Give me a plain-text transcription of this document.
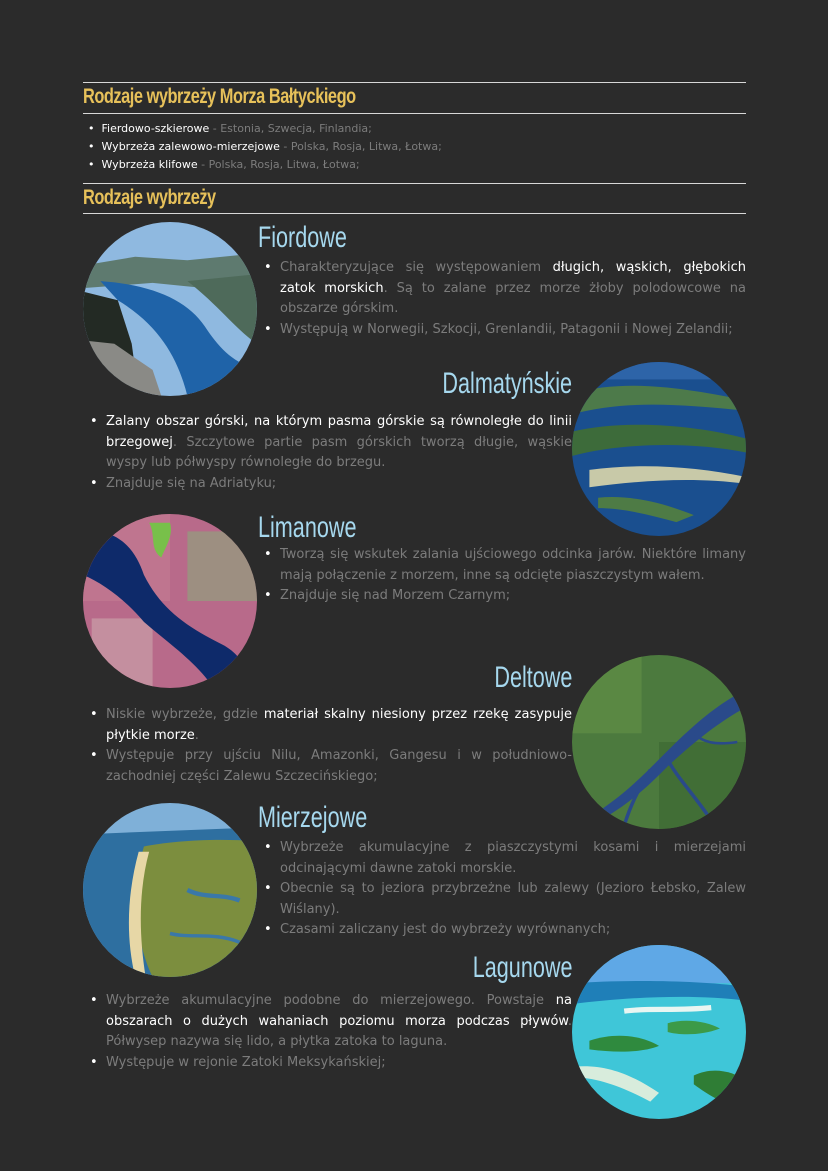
Rodzaje wybrzeży Morza Bałtyckiego
• Fierdowo-szkierowe - Estonia, Szwecja, Finlandia;
• Wybrzeża zalewowo-mierzejowe - Polska, Rosja, Litwa, Łotwa;
• Wybrzeża klifowe - Polska, Rosja, Litwa, Łotwa;
Rodzaje wybrzeży
Fiordowe
• Charakteryzujące się występowaniem długich, wąskich, głębokich zatok morskich. Są to zalane przez morze żłoby polodowcowe na obszarze górskim.
• Występują w Norwegii, Szkocji, Grenlandii, Patagonii i Nowej Zelandii;
Dalmatyńskie
• Zalany obszar górski, na którym pasma górskie są równoległe do linii brzegowej. Szczytowe partie pasm górskich tworzą długie, wąskie wyspy lub półwyspy równoległe do brzegu.
• Znajduje się na Adriatyku;
Limanowe
• Tworzą się wskutek zalania ujściowego odcinka jarów. Niektóre limany mają połączenie z morzem, inne są odcięte piaszczystym wałem.
• Znajduje się nad Morzem Czarnym;
Deltowe
• Niskie wybrzeże, gdzie materiał skalny niesiony przez rzekę zasypuje płytkie morze.
• Występuje przy ujściu Nilu, Amazonki, Gangesu i w południowo-zachodniej części Zalewu Szczecińskiego;
Mierzejowe
• Wybrzeże akumulacyjne z piaszczystymi kosami i mierzejami odcinającymi dawne zatoki morskie.
• Obecnie są to jeziora przybrzeżne lub zalewy (Jezioro Łebsko, Zalew Wiślany).
• Czasami zaliczany jest do wybrzeży wyrównanych;
Lagunowe
• Wybrzeże akumulacyjne podobne do mierzejowego. Powstaje na obszarach o dużych wahaniach poziomu morza podczas pływów. Półwysep nazywa się lido, a płytka zatoka to laguna.
• Występuje w rejonie Zatoki Meksykańskiej;
